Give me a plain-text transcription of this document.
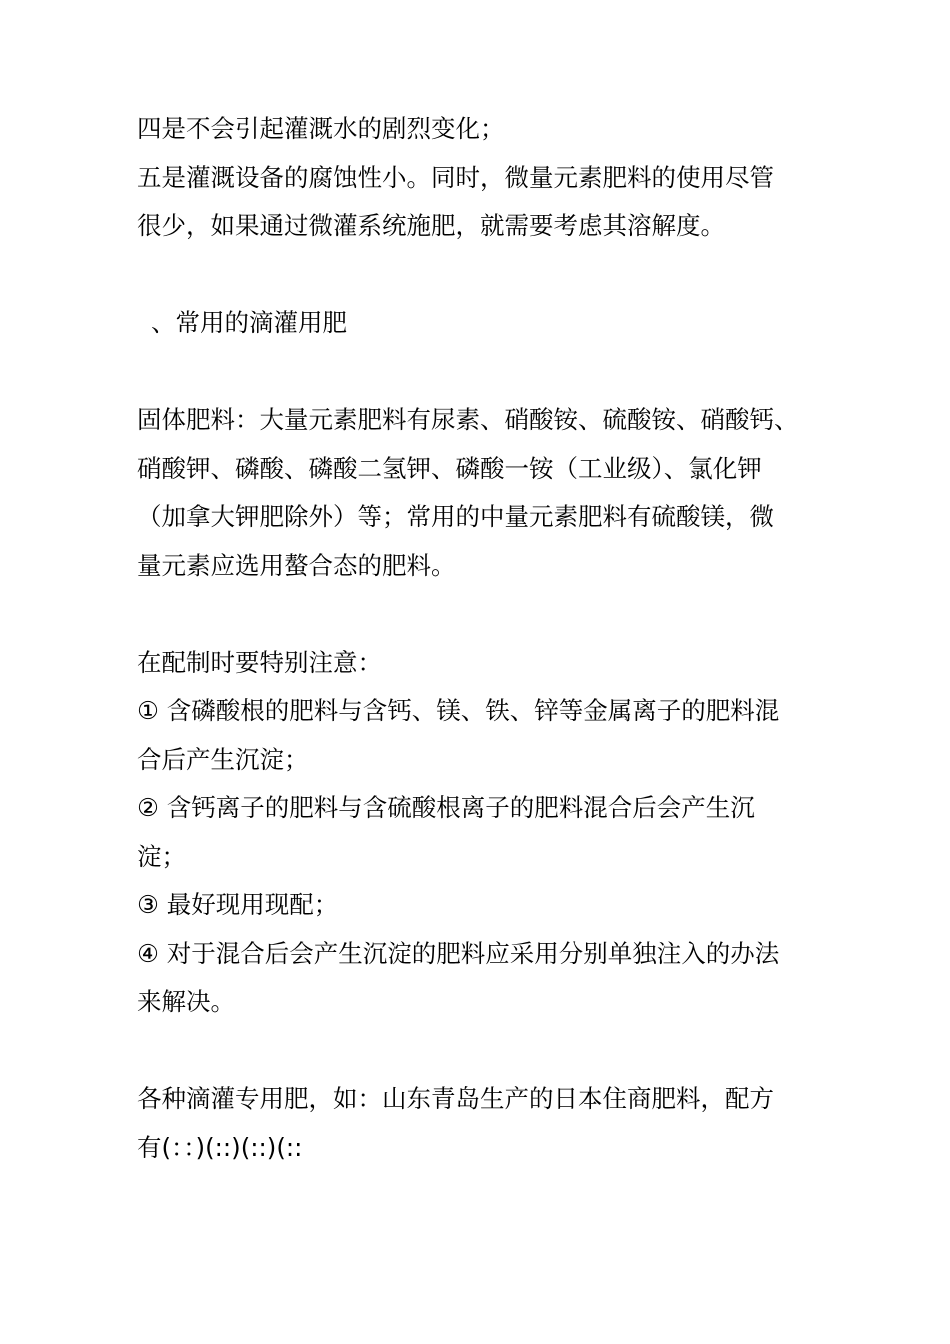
四是不会引起灌溉水的剧烈变化；
五是灌溉设备的腐蚀性小。同时，微量元素肥料的使用尽管
很少，如果通过微灌系统施肥，就需要考虑其溶解度。
、常用的滴灌用肥
固体肥料：大量元素肥料有尿素、硝酸铵、硫酸铵、硝酸钙、
硝酸钾、磷酸、磷酸二氢钾、磷酸一铵（工业级）、氯化钾
（加拿大钾肥除外）等；常用的中量元素肥料有硫酸镁，微
量元素应选用螯合态的肥料。
在配制时要特别注意：
① 含磷酸根的肥料与含钙、镁、铁、锌等金属离子的肥料混
合后产生沉淀；
② 含钙离子的肥料与含硫酸根离子的肥料混合后会产生沉
淀；
③ 最好现用现配；
④ 对于混合后会产生沉淀的肥料应采用分别单独注入的办法
来解决。
各种滴灌专用肥，如：山东青岛生产的日本住商肥料，配方
有(：：)(::)(::)(::
